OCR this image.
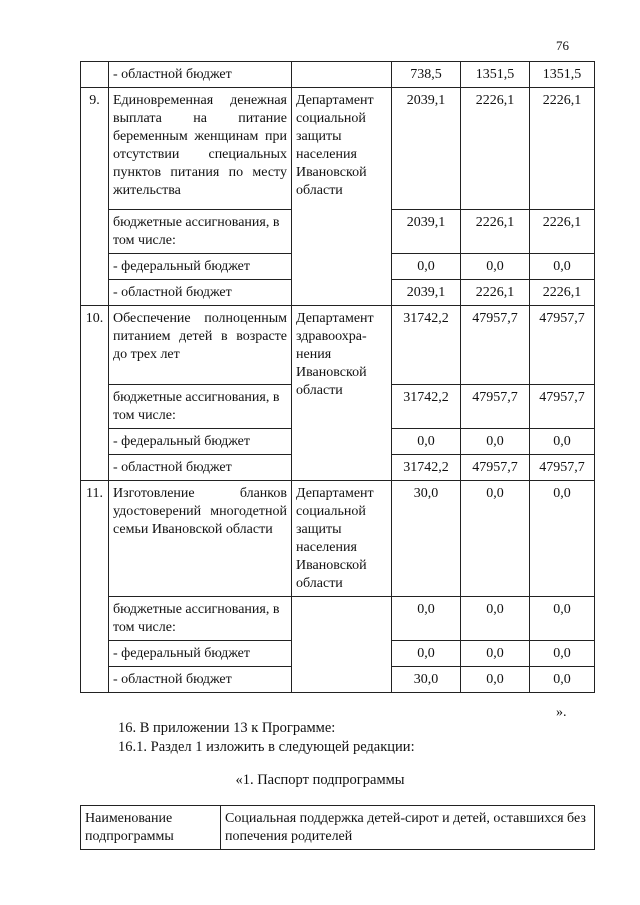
76
	- областной бюджет		738,5	1351,5	1351,5
9.	Единовременная денежная выплата на питание беременным женщинам при отсутствии специальных пунктов питания по месту жительства	Департамент социальной защиты населения Ивановской области	2039,1	2226,1	2226,1
	бюджетные ассигнования, в том числе:		2039,1	2226,1	2226,1
	- федеральный бюджет		0,0	0,0	0,0
	- областной бюджет		2039,1	2226,1	2226,1
10.	Обеспечение полноценным питанием детей в возрасте до трех лет	Департамент здравоохра-нения Ивановской области	31742,2	47957,7	47957,7
	бюджетные ассигнования, в том числе:		31742,2	47957,7	47957,7
	- федеральный бюджет		0,0	0,0	0,0
	- областной бюджет		31742,2	47957,7	47957,7
11.	Изготовление бланков удостоверений многодетной семьи Ивановской области	Департамент социальной защиты населения Ивановской области	30,0	0,0	0,0
	бюджетные ассигнования, в том числе:		0,0	0,0	0,0
	- федеральный бюджет		0,0	0,0	0,0
	- областной бюджет		30,0	0,0	0,0
».
16. В приложении 13 к Программе:
16.1. Раздел 1 изложить в следующей редакции:
«1. Паспорт подпрограммы
Наименование подпрограммы	Социальная поддержка детей-сирот и детей, оставшихся без попечения родителей
